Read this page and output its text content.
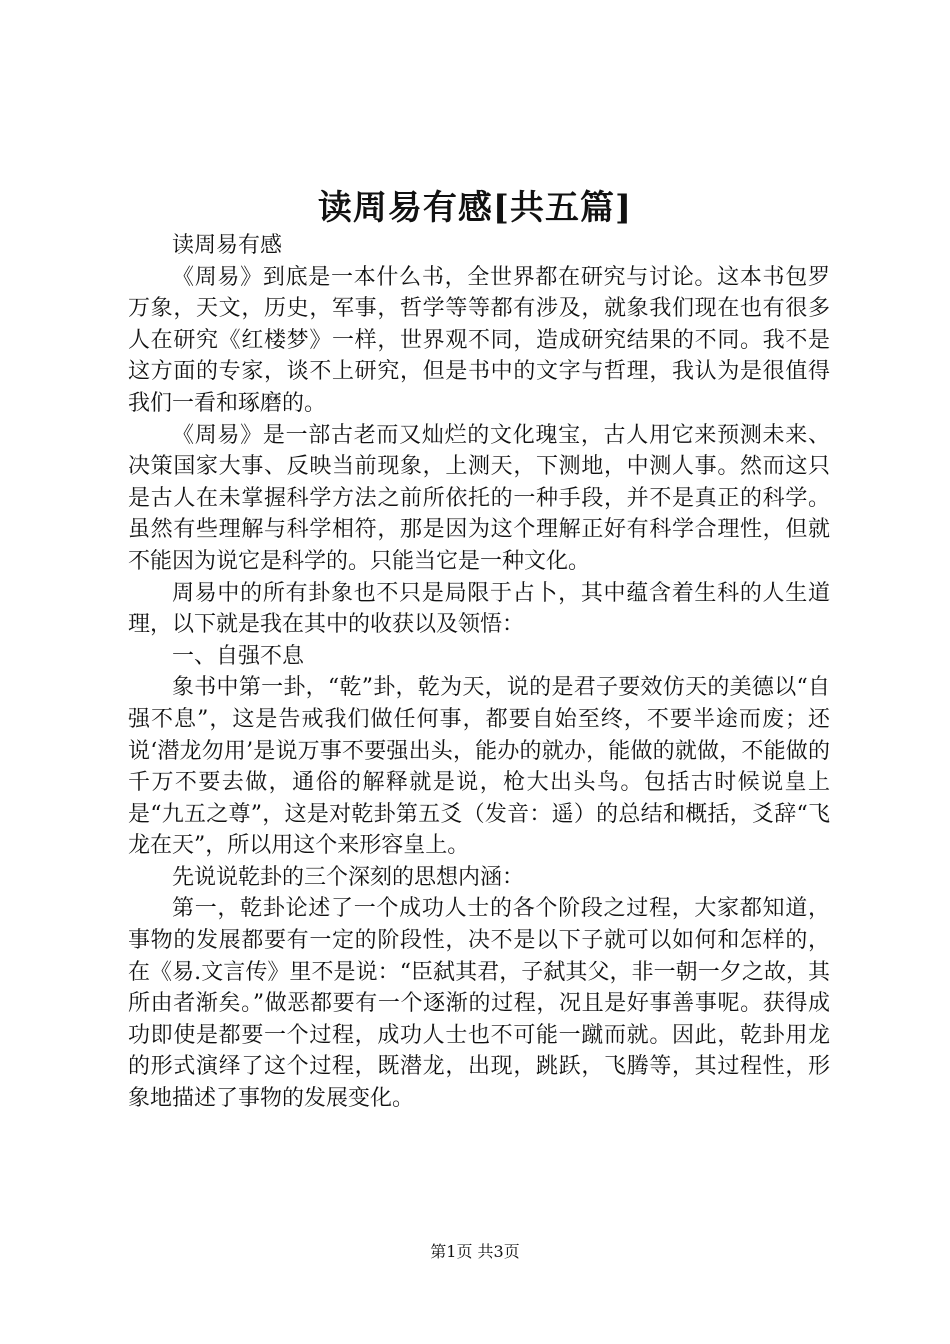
读周易有感[共五篇]

读周易有感

《周易》到底是一本什么书，全世界都在研究与讨论。这本书包罗万象，天文，历史，军事，哲学等等都有涉及，就象我们现在也有很多人在研究《红楼梦》一样，世界观不同，造成研究结果的不同。我不是这方面的专家，谈不上研究，但是书中的文字与哲理，我认为是很值得我们一看和琢磨的。

《周易》是一部古老而又灿烂的文化瑰宝，古人用它来预测未来、决策国家大事、反映当前现象，上测天，下测地，中测人事。然而这只是古人在未掌握科学方法之前所依托的一种手段，并不是真正的科学。虽然有些理解与科学相符，那是因为这个理解正好有科学合理性，但就不能因为说它是科学的。只能当它是一种文化。

周易中的所有卦象也不只是局限于占卜，其中蕴含着生科的人生道理，以下就是我在其中的收获以及领悟：

一、自强不息

象书中第一卦，“乾”卦，乾为天，说的是君子要效仿天的美德以“自强不息”，这是告戒我们做任何事，都要自始至终，不要半途而废；还说‘潜龙勿用’是说万事不要强出头，能办的就办，能做的就做，不能做的千万不要去做，通俗的解释就是说，枪大出头鸟。包括古时候说皇上是“九五之尊”，这是对乾卦第五爻（发音：遥）的总结和概括，爻辞“飞龙在天”，所以用这个来形容皇上。

先说说乾卦的三个深刻的思想内涵：

第一，乾卦论述了一个成功人士的各个阶段之过程，大家都知道，事物的发展都要有一定的阶段性，决不是以下子就可以如何和怎样的，在《易.文言传》里不是说：“臣弑其君，子弑其父，非一朝一夕之故，其所由者渐矣。”做恶都要有一个逐渐的过程，况且是好事善事呢。获得成功即使是都要一个过程，成功人士也不可能一蹴而就。因此，乾卦用龙的形式演绎了这个过程，既潜龙，出现，跳跃，飞腾等，其过程性，形象地描述了事物的发展变化。

第1页 共3页
